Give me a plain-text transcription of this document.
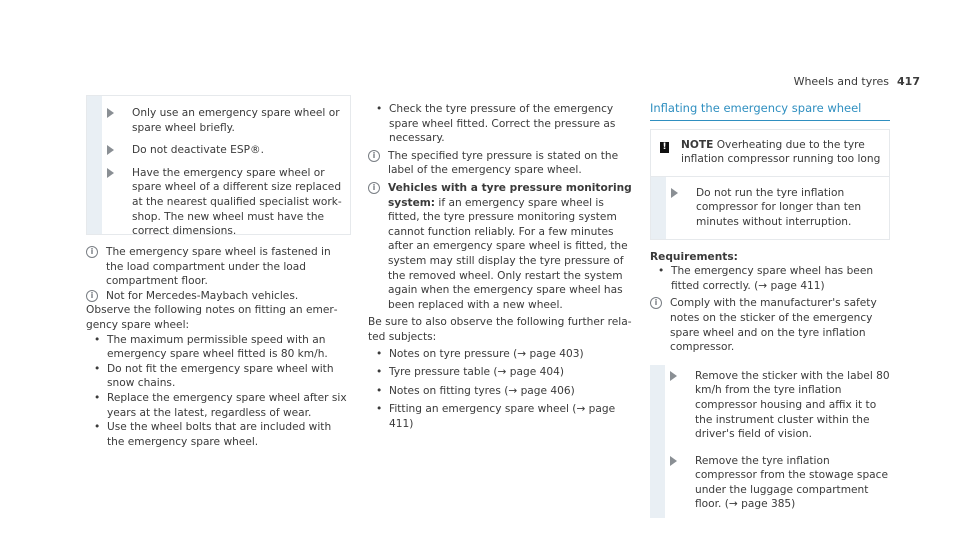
Wheels and tyres 417
Only use an emergency spare wheel or spare wheel briefly.
Do not deactivate ESP®.
Have the emergency spare wheel or spare wheel of a different size replaced at the nearest qualified specialist workshop. The new wheel must have the correct dimensions.
i	The emergency spare wheel is fastened in the load compartment under the load compartment floor.
i	Not for Mercedes-Maybach vehicles.
Observe the following notes on fitting an emergency spare wheel:
• The maximum permissible speed with an emergency spare wheel fitted is 80 km/h.
• Do not fit the emergency spare wheel with snow chains.
• Replace the emergency spare wheel after six years at the latest, regardless of wear.
• Use the wheel bolts that are included with the emergency spare wheel.
• Check the tyre pressure of the emergency spare wheel fitted. Correct the pressure as necessary.
i	The specified tyre pressure is stated on the label of the emergency spare wheel.
i	Vehicles with a tyre pressure monitoring system: if an emergency spare wheel is fitted, the tyre pressure monitoring system cannot function reliably. For a few minutes after an emergency spare wheel is fitted, the system may still display the tyre pressure of the removed wheel. Only restart the system again when the emergency spare wheel has been replaced with a new wheel.
Be sure to also observe the following further related subjects:
• Notes on tyre pressure (→ page 403)
• Tyre pressure table (→ page 404)
• Notes on fitting tyres (→ page 406)
• Fitting an emergency spare wheel (→ page 411)
Inflating the emergency spare wheel
! NOTE Overheating due to the tyre inflation compressor running too long
Do not run the tyre inflation compressor for longer than ten minutes without interruption.
Requirements:
• The emergency spare wheel has been fitted correctly. (→ page 411)
i	Comply with the manufacturer's safety notes on the sticker of the emergency spare wheel and on the tyre inflation compressor.
Remove the sticker with the label 80 km/h from the tyre inflation compressor housing and affix it to the instrument cluster within the driver's field of vision.
Remove the tyre inflation compressor from the stowage space under the luggage compartment floor. (→ page 385)
